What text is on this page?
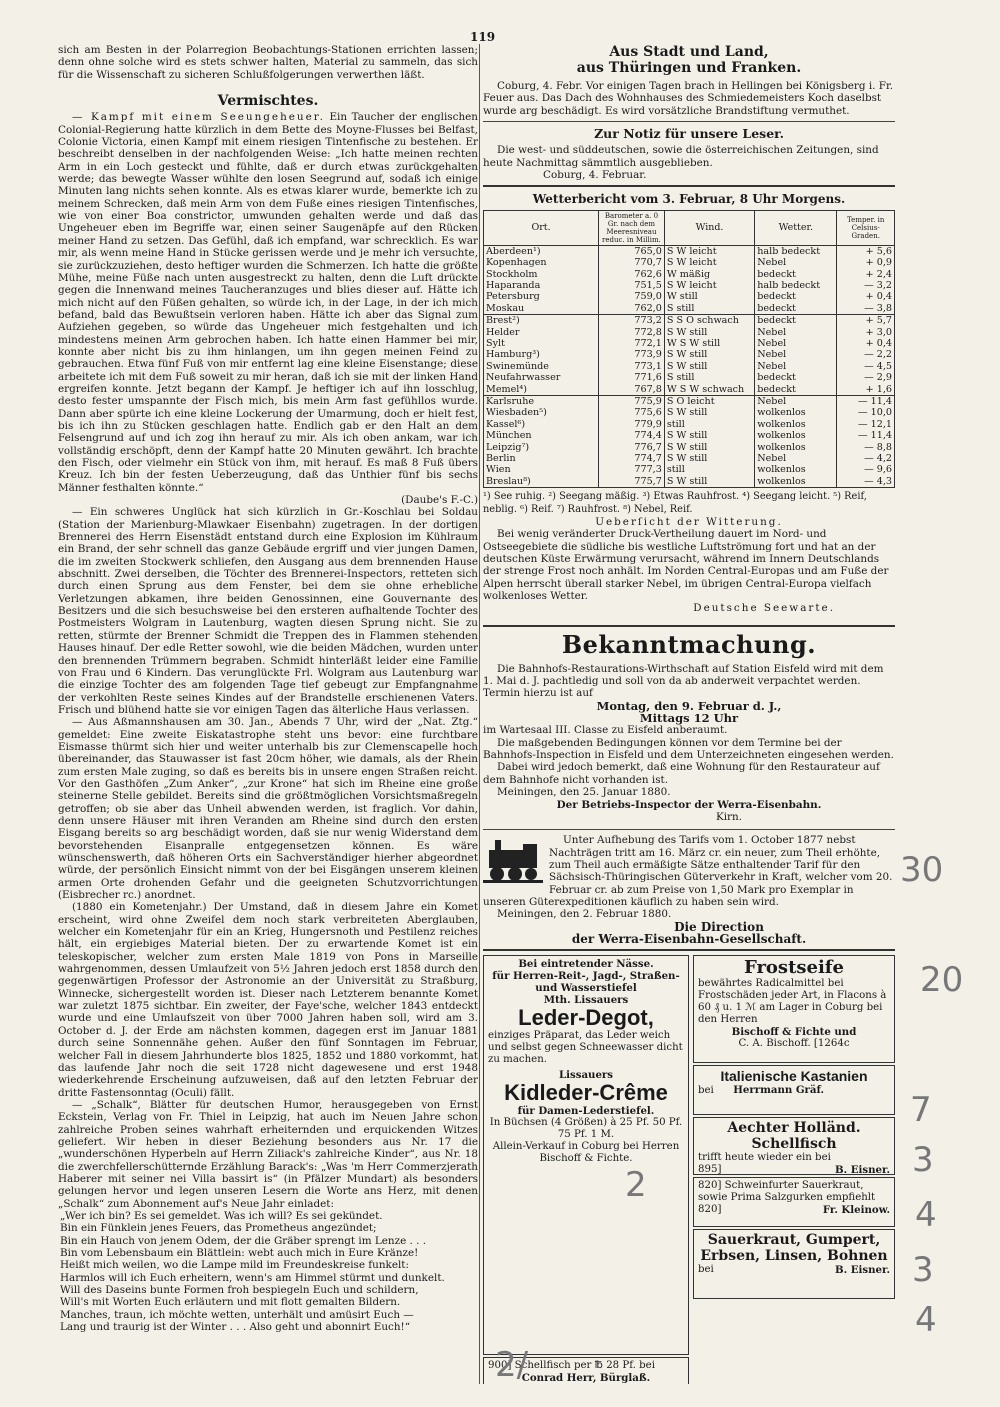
119

sich am Besten in der Polarregion Beobachtungs-Stationen errichten lassen; denn ohne solche wird es stets schwer halten, Material zu sammeln, das sich für die Wissenschaft zu sicheren Schlußfolgerungen verwerthen läßt.

Vermischtes.

— Kampf mit einem Seeungeheuer. Ein Taucher der englischen Colonial-Regierung hatte kürzlich in dem Bette des Moyne-Flusses bei Belfast, Colonie Victoria, einen Kampf mit einem riesigen Tintenfische zu bestehen. Er beschreibt denselben in der nachfolgenden Weise: „Ich hatte meinen rechten Arm in ein Loch gesteckt und fühlte, daß er durch etwas zurückgehalten werde; das bewegte Wasser wühlte den losen Seegrund auf, sodaß ich einige Minuten lang nichts sehen konnte. Als es etwas klarer wurde, bemerkte ich zu meinem Schrecken, daß mein Arm von dem Fuße eines riesigen Tintenfisches, wie von einer Boa constrictor, umwunden gehalten werde und daß das Ungeheuer eben im Begriffe war, einen seiner Saugenäpfe auf den Rücken meiner Hand zu setzen. Das Gefühl, daß ich empfand, war schrecklich. Es war mir, als wenn meine Hand in Stücke gerissen werde und je mehr ich versuchte, sie zurückzuziehen, desto heftiger wurden die Schmerzen. Ich hatte die größte Mühe, meine Füße nach unten ausgestreckt zu halten, denn die Luft drückte gegen die Innenwand meines Taucheranzuges und blies dieser auf. Hätte ich mich nicht auf den Füßen gehalten, so würde ich, in der Lage, in der ich mich befand, bald das Bewußtsein verloren haben. Hätte ich aber das Signal zum Aufziehen gegeben, so würde das Ungeheuer mich festgehalten und ich mindestens meinen Arm gebrochen haben. Ich hatte einen Hammer bei mir, konnte aber nicht bis zu ihm hinlangen, um ihn gegen meinen Feind zu gebrauchen. Etwa fünf Fuß von mir entfernt lag eine kleine Eisenstange; diese arbeitete ich mit dem Fuß soweit zu mir heran, daß ich sie mit der linken Hand ergreifen konnte. Jetzt begann der Kampf. Je heftiger ich auf ihn losschlug, desto fester umspannte der Fisch mich, bis mein Arm fast gefühllos wurde. Dann aber spürte ich eine kleine Lockerung der Umarmung, doch er hielt fest, bis ich ihn zu Stücken geschlagen hatte. Endlich gab er den Halt an dem Felsengrund auf und ich zog ihn herauf zu mir. Als ich oben ankam, war ich vollständig erschöpft, denn der Kampf hatte 20 Minuten gewährt. Ich brachte den Fisch, oder vielmehr ein Stück von ihm, mit herauf. Es maß 8 Fuß übers Kreuz. Ich bin der festen Ueberzeugung, daß das Unthier fünf bis sechs Männer festhalten könnte.“

(Daube's F.-C.)

— Ein schweres Unglück hat sich kürzlich in Gr.-Koschlau bei Soldau (Station der Marienburg-Mlawkaer Eisenbahn) zugetragen. In der dortigen Brennerei des Herrn Eisenstädt entstand durch eine Explosion im Kühlraum ein Brand, der sehr schnell das ganze Gebäude ergriff und vier jungen Damen, die im zweiten Stockwerk schliefen, den Ausgang aus dem brennenden Hause abschnitt. Zwei derselben, die Töchter des Brennerei-Inspectors, retteten sich durch einen Sprung aus dem Fenster, bei dem sie ohne erhebliche Verletzungen abkamen, ihre beiden Genossinnen, eine Gouvernante des Besitzers und die sich besuchsweise bei den ersteren aufhaltende Tochter des Postmeisters Wolgram in Lautenburg, wagten diesen Sprung nicht. Sie zu retten, stürmte der Brenner Schmidt die Treppen des in Flammen stehenden Hauses hinauf. Der edle Retter sowohl, wie die beiden Mädchen, wurden unter den brennenden Trümmern begraben. Schmidt hinterläßt leider eine Familie von Frau und 6 Kindern. Das verunglückte Frl. Wolgram aus Lautenburg war die einzige Tochter des am folgenden Tage tief gebeugt zur Empfangnahme der verkohlten Reste seines Kindes auf der Brandstelle erschienenen Vaters. Frisch und blühend hatte sie vor einigen Tagen das älterliche Haus verlassen.

— Aus Aßmannshausen am 30. Jan., Abends 7 Uhr, wird der „Nat. Ztg.“ gemeldet: Eine zweite Eiskatastrophe steht uns bevor: eine furchtbare Eismasse thürmt sich hier und weiter unterhalb bis zur Clemenscapelle hoch übereinander, das Stauwasser ist fast 20cm höher, wie damals, als der Rhein zum ersten Male zuging, so daß es bereits bis in unsere engen Straßen reicht. Vor den Gasthöfen „Zum Anker“, „zur Krone“ hat sich im Rheine eine große steinerne Stelle gebildet. Bereits sind die größtmöglichen Vorsichtsmaßregeln getroffen; ob sie aber das Unheil abwenden werden, ist fraglich. Vor dahin, denn unsere Häuser mit ihren Veranden am Rheine sind durch den ersten Eisgang bereits so arg beschädigt worden, daß sie nur wenig Widerstand dem bevorstehenden Eisanpralle entgegensetzen können. Es wäre wünschenswerth, daß höheren Orts ein Sachverständiger hierher abgeordnet würde, der persönlich Einsicht nimmt von der bei Eisgängen unserem kleinen armen Orte drohenden Gefahr und die geeigneten Schutzvorrichtungen (Eisbrecher rc.) anordnet.

(1880 ein Kometenjahr.) Der Umstand, daß in diesem Jahre ein Komet erscheint, wird ohne Zweifel dem noch stark verbreiteten Aberglauben, welcher ein Kometenjahr für ein an Krieg, Hungersnoth und Pestilenz reiches hält, ein ergiebiges Material bieten. Der zu erwartende Komet ist ein teleskopischer, welcher zum ersten Male 1819 von Pons in Marseille wahrgenommen, dessen Umlaufzeit von 5½ Jahren jedoch erst 1858 durch den gegenwärtigen Professor der Astronomie an der Universität zu Straßburg, Winnecke, sichergestellt worden ist. Dieser nach Letzterem benannte Komet war zuletzt 1875 sichtbar. Ein zweiter, der Faye'sche, welcher 1843 entdeckt wurde und eine Umlaufszeit von über 7000 Jahren haben soll, wird am 3. October d. J. der Erde am nächsten kommen, dagegen erst im Januar 1881 durch seine Sonnennähe gehen. Außer den fünf Sonntagen im Februar, welcher Fall in diesem Jahrhunderte blos 1825, 1852 und 1880 vorkommt, hat das laufende Jahr noch die seit 1728 nicht dagewesene und erst 1948 wiederkehrende Erscheinung aufzuweisen, daß auf den letzten Februar der dritte Fastensonntag (Oculi) fällt.

— „Schalk“, Blätter für deutschen Humor, herausgegeben von Ernst Eckstein, Verlag von Fr. Thiel in Leipzig, hat auch im Neuen Jahre schon zahlreiche Proben seines wahrhaft erheiternden und erquickenden Witzes geliefert. Wir heben in dieser Beziehung besonders aus Nr. 17 die „wunderschönen Hyperbeln auf Herrn Ziliack's zahlreiche Kinder“, aus Nr. 18 die zwerchfellerschütternde Erzählung Barack's: „Was 'm Herr Commerzjerath Haberer mit seiner nei Villa bassirt is“ (in Pfälzer Mundart) als besonders gelungen hervor und legen unseren Lesern die Worte ans Herz, mit denen „Schalk“ zum Abonnement auf's Neue Jahr einladet:

„Wer ich bin? Es sei gemeldet. Was ich will? Es sei gekündet.

Bin ein Fünklein jenes Feuers, das Prometheus angezündet;

Bin ein Hauch von jenem Odem, der die Gräber sprengt im Lenze . . .

Bin vom Lebensbaum ein Blättlein: webt auch mich in Eure Kränze!

Heißt mich weilen, wo die Lampe mild im Freundeskreise funkelt:

Harmlos will ich Euch erheitern, wenn's am Himmel stürmt und dunkelt.

Will des Daseins bunte Formen froh bespiegeln Euch und schildern,

Will's mit Worten Euch erläutern und mit flott gemalten Bildern.

Manches, traun, ich möchte wetten, unterhält und amüsirt Euch —

Lang und traurig ist der Winter . . . Also geht und abonnirt Euch!“

Aus Stadt und Land,
aus Thüringen und Franken.

Coburg, 4. Febr. Vor einigen Tagen brach in Hellingen bei Königsberg i. Fr. Feuer aus. Das Dach des Wohnhauses des Schmiedemeisters Koch daselbst wurde arg beschädigt. Es wird vorsätzliche Brandstiftung vermuthet.

Zur Notiz für unsere Leser.

Die west- und süddeutschen, sowie die österreichischen Zeitungen, sind heute Nachmittag sämmtlich ausgeblieben.

Coburg, 4. Februar.

Wetterbericht vom 3. Februar, 8 Uhr Morgens.
Ort.	Barometer a. 0 Gr. nach dem Meeresniveau reduc. in Millim.	Wind.	Wetter.	Temper. in Celsius-Graden.
Aberdeen¹)	765,0	S W leicht	halb bedeckt	+ 5,6
Kopenhagen	770,7	S W leicht	Nebel	+ 0,9
Stockholm	762,6	W mäßig	bedeckt	+ 2,4
Haparanda	751,5	S W leicht	halb bedeckt	— 3,2
Petersburg	759,0	W still	bedeckt	+ 0,4
Moskau	762,0	S still	bedeckt	— 3,8
Brest²)	773,2	S S O schwach	bedeckt	+ 5,7
Helder	772,8	S W still	Nebel	+ 3,0
Sylt	772,1	W S W still	Nebel	+ 0,4
Hamburg³)	773,9	S W still	Nebel	— 2,2
Swinemünde	773,1	S W still	Nebel	— 4,5
Neufahrwasser	771,6	S still	bedeckt	— 2,9
Memel⁴)	767,8	W S W schwach	bedeckt	+ 1,6
Karlsruhe	775,9	S O leicht	Nebel	— 11,4
Wiesbaden⁵)	775,6	S W still	wolkenlos	— 10,0
Kassel⁶)	779,9	still	wolkenlos	— 12,1
München	774,4	S W still	wolkenlos	— 11,4
Leipzig⁷)	776,7	S W still	wolkenlos	— 8,8
Berlin	774,7	S W still	Nebel	— 4,2
Wien	777,3	still	wolkenlos	— 9,6
Breslau⁸)	775,7	S W still	wolkenlos	— 4,3

¹) See ruhig. ²) Seegang mäßig. ³) Etwas Rauhfrost. ⁴) Seegang leicht. ⁵) Reif, neblig. ⁶) Reif. ⁷) Rauhfrost. ⁸) Nebel, Reif.

Ueberſicht der Witterung.

Bei wenig veränderter Druck-Vertheilung dauert im Nord- und Ostseegebiete die südliche bis westliche Luftströmung fort und hat an der deutschen Küste Erwärmung verursacht, während im Innern Deutschlands der strenge Frost noch anhält. Im Norden Central-Europas und am Fuße der Alpen herrscht überall starker Nebel, im übrigen Central-Europa vielfach wolkenloses Wetter.

Deutsche Seewarte.

Bekanntmachung.

Die Bahnhofs-Restaurations-Wirthschaft auf Station Eisfeld wird mit dem 1. Mai d. J. pachtledig und soll von da ab anderweit verpachtet werden. Termin hierzu ist auf

Montag, den 9. Februar d. J.,

Mittags 12 Uhr

im Wartesaal III. Classe zu Eisfeld anberaumt.

Die maßgebenden Bedingungen können vor dem Termine bei der Bahnhofs-Inspection in Eisfeld und dem Unterzeichneten eingesehen werden.

Dabei wird jedoch bemerkt, daß eine Wohnung für den Restaurateur auf dem Bahnhofe nicht vorhanden ist.

Meiningen, den 25. Januar 1880.

Der Betriebs-Inspector der Werra-Eisenbahn.

Kirn.

Unter Aufhebung des Tarifs vom 1. October 1877 nebst Nachträgen tritt am 16. März cr. ein neuer, zum Theil erhöhte, zum Theil auch ermäßigte Sätze enthaltender Tarif für den Sächsisch-Thüringischen Güterverkehr in Kraft, welcher vom 20. Februar cr. ab zum Preise von 1,50 Mark pro Exemplar in unseren Güterexpeditionen käuflich zu haben sein wird.

Meiningen, den 2. Februar 1880.

Die Direction

der Werra-Eisenbahn-Gesellschaft.

Bei eintretender Nässe.

für Herren-Reit-, Jagd-, Straßen- und Wasserstiefel

Mth. Lissauers

Leder-Degot,

einziges Präparat, das Leder weich und selbst gegen Schneewasser dicht zu machen.

Lissauers

Kidleder-Crême

für Damen-Lederstiefel.

In Büchsen (4 Größen) à 25 Pf. 50 Pf. 75 Pf. 1 M.

Allein-Verkauf in Coburg bei Herren Bischoff & Fichte.

900] Schellfisch per ℔ 28 Pf. bei

Conrad Herr, Bürglaß.

Frostseife

bewährtes Radicalmittel bei Frostschäden jeder Art, in Flacons à 60 ₰ u. 1 ℳ am Lager in Coburg bei den Herren

Bischoff & Fichte und

C. A. Bischoff. [1264c

Italienische Kastanien

bei Herrmann Gräf.

Aechter Holländ. Schellfisch

trifft heute wieder ein bei

895]	B. Eisner.

820] Schweinfurter Sauerkraut, sowie Prima Salzgurken empfiehlt

820]	Fr. Kleinow.

Sauerkraut, Gumpert, Erbsen, Linsen, Bohnen

bei	B. Eisner.

30
20
7
3
4
3
4
2
2/
